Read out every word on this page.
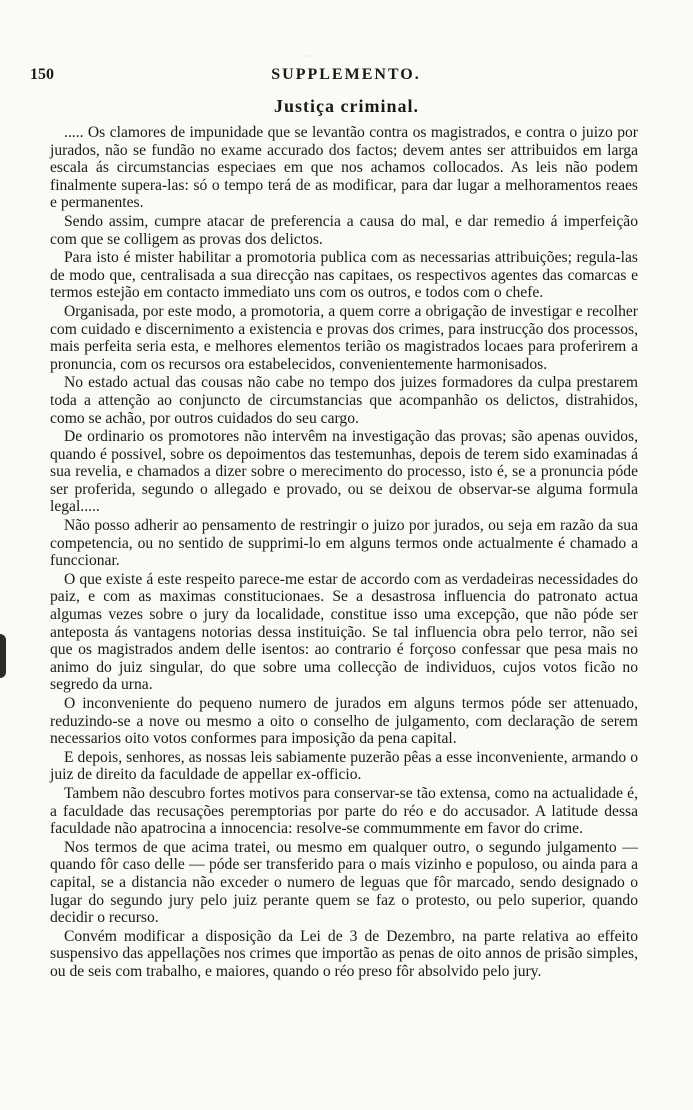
· · ·
150	SUPPLEMENTO.
Justiça criminal.

..... Os clamores de impunidade que se levantão contra os magistrados, e contra o juizo por jurados, não se fundão no exame accurado dos factos; devem antes ser attribuidos em larga escala ás circumstancias especiaes em que nos achamos collocados. As leis não podem finalmente supera-las: só o tempo terá de as modificar, para dar lugar a melhoramentos reaes e permanentes.

Sendo assim, cumpre atacar de preferencia a causa do mal, e dar remedio á imperfeição com que se colligem as provas dos delictos.

Para isto é mister habilitar a promotoria publica com as necessarias attribuições; regula-las de modo que, centralisada a sua direcção nas capitaes, os respectivos agentes das comarcas e termos estejão em contacto immediato uns com os outros, e todos com o chefe.

Organisada, por este modo, a promotoria, a quem corre a obrigação de investigar e recolher com cuidado e discernimento a existencia e provas dos crimes, para instrucção dos processos, mais perfeita seria esta, e melhores elementos terião os magistrados locaes para proferirem a pronuncia, com os recursos ora estabelecidos, convenientemente harmonisados.

No estado actual das cousas não cabe no tempo dos juizes formadores da culpa prestarem toda a attenção ao conjuncto de circumstancias que acompanhão os delictos, distrahidos, como se achão, por outros cuidados do seu cargo.

De ordinario os promotores não intervêm na investigação das provas; são apenas ouvidos, quando é possivel, sobre os depoimentos das testemunhas, depois de terem sido examinadas á sua revelia, e chamados a dizer sobre o merecimento do processo, isto é, se a pronuncia póde ser proferida, segundo o allegado e provado, ou se deixou de observar-se alguma formula legal.....

Não posso adherir ao pensamento de restringir o juizo por jurados, ou seja em razão da sua competencia, ou no sentido de supprimi-lo em alguns termos onde actualmente é chamado a funccionar.

O que existe á este respeito parece-me estar de accordo com as verdadeiras necessidades do paiz, e com as maximas constitucionaes. Se a desastrosa influencia do patronato actua algumas vezes sobre o jury da localidade, constitue isso uma excepção, que não póde ser anteposta ás vantagens notorias dessa instituição. Se tal influencia obra pelo terror, não sei que os magistrados andem delle isentos: ao contrario é forçoso confessar que pesa mais no animo do juiz singular, do que sobre uma collecção de individuos, cujos votos ficão no segredo da urna.

O inconveniente do pequeno numero de jurados em alguns termos póde ser attenuado, reduzindo-se a nove ou mesmo a oito o conselho de julgamento, com declaração de serem necessarios oito votos conformes para imposição da pena capital.

E depois, senhores, as nossas leis sabiamente puzerão pêas a esse inconveniente, armando o juiz de direito da faculdade de appellar ex-officio.

Tambem não descubro fortes motivos para conservar-se tão extensa, como na actualidade é, a faculdade das recusações peremptorias por parte do réo e do accusador. A latitude dessa faculdade não apatrocina a innocencia: resolve-se commummente em favor do crime.

Nos termos de que acima tratei, ou mesmo em qualquer outro, o segundo julgamento — quando fôr caso delle — póde ser transferido para o mais vizinho e populoso, ou ainda para a capital, se a distancia não exceder o numero de leguas que fôr marcado, sendo designado o lugar do segundo jury pelo juiz perante quem se faz o protesto, ou pelo superior, quando decidir o recurso.

Convém modificar a disposição da Lei de 3 de Dezembro, na parte relativa ao effeito suspensivo das appellações nos crimes que importão as penas de oito annos de prisão simples, ou de seis com trabalho, e maiores, quando o réo preso fôr absolvido pelo jury.
